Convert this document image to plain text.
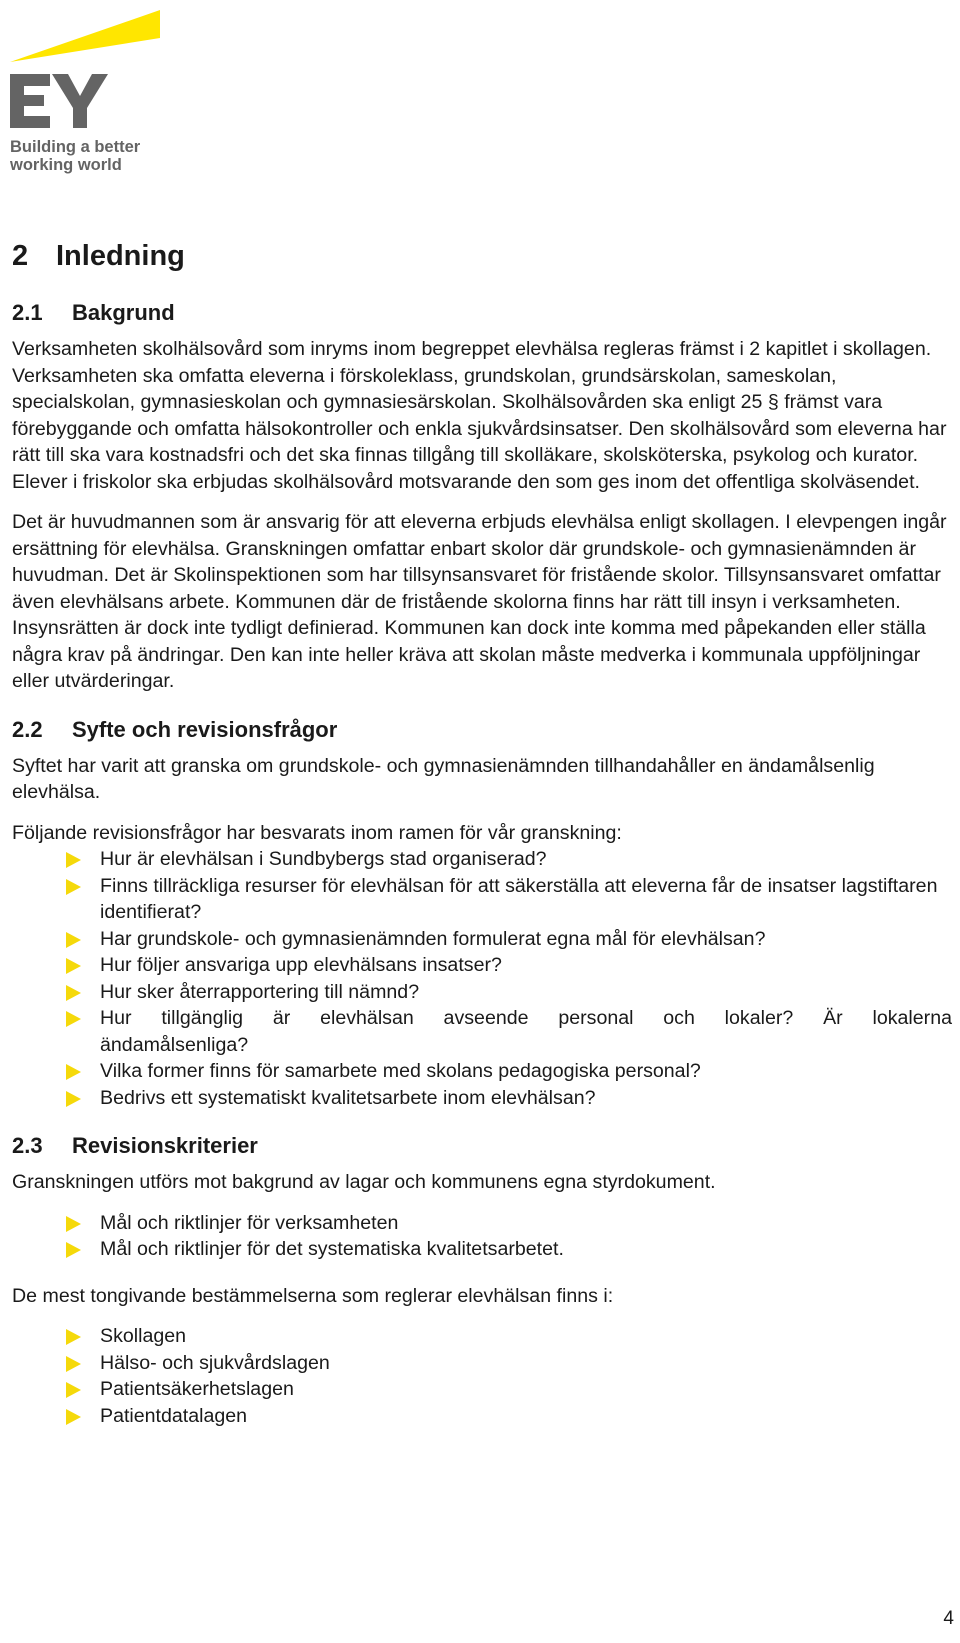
Building a better
working world
2 Inledning
2.1 Bakgrund

Verksamheten skolhälsovård som inryms inom begreppet elevhälsa regleras främst i 2 kapitlet i skollagen. Verksamheten ska omfatta eleverna i förskoleklass, grundskolan, grundsärskolan, sameskolan, specialskolan, gymnasieskolan och gymnasiesärskolan. Skolhälsovården ska enligt 25 § främst vara förebyggande och omfatta hälsokontroller och enkla sjukvårdsinsatser. Den skolhälsovård som eleverna har rätt till ska vara kostnadsfri och det ska finnas tillgång till skolläkare, skolsköterska, psykolog och kurator. Elever i friskolor ska erbjudas skolhälsovård motsvarande den som ges inom det offentliga skolväsendet.

Det är huvudmannen som är ansvarig för att eleverna erbjuds elevhälsa enligt skollagen. I elevpengen ingår ersättning för elevhälsa. Granskningen omfattar enbart skolor där grundskole- och gymnasienämnden är huvudman. Det är Skolinspektionen som har tillsynsansvaret för fristående skolor. Tillsynsansvaret omfattar även elevhälsans arbete. Kommunen där de fristående skolorna finns har rätt till insyn i verksamheten. Insynsrätten är dock inte tydligt definierad. Kommunen kan dock inte komma med påpekanden eller ställa några krav på ändringar. Den kan inte heller kräva att skolan måste medverka i kommunala uppföljningar eller utvärderingar.

2.2 Syfte och revisionsfrågor

Syftet har varit att granska om grundskole- och gymnasienämnden tillhandahåller en ändamålsenlig elevhälsa.

Följande revisionsfrågor har besvarats inom ramen för vår granskning:

Hur är elevhälsan i Sundbybergs stad organiserad?
Finns tillräckliga resurser för elevhälsan för att säkerställa att eleverna får de insatser lagstiftaren identifierat?
Har grundskole- och gymnasienämnden formulerat egna mål för elevhälsan?
Hur följer ansvariga upp elevhälsans insatser?
Hur sker återrapportering till nämnd?
Hur tillgänglig är elevhälsan avseende personal och lokaler? Är lokalerna
ändamålsenliga?
Vilka former finns för samarbete med skolans pedagogiska personal?
Bedrivs ett systematiskt kvalitetsarbete inom elevhälsan?
2.3 Revisionskriterier

Granskningen utförs mot bakgrund av lagar och kommunens egna styrdokument.

Mål och riktlinjer för verksamheten
Mål och riktlinjer för det systematiska kvalitetsarbetet.

De mest tongivande bestämmelserna som reglerar elevhälsan finns i:

Skollagen
Hälso- och sjukvårdslagen
Patientsäkerhetslagen
Patientdatalagen
4
